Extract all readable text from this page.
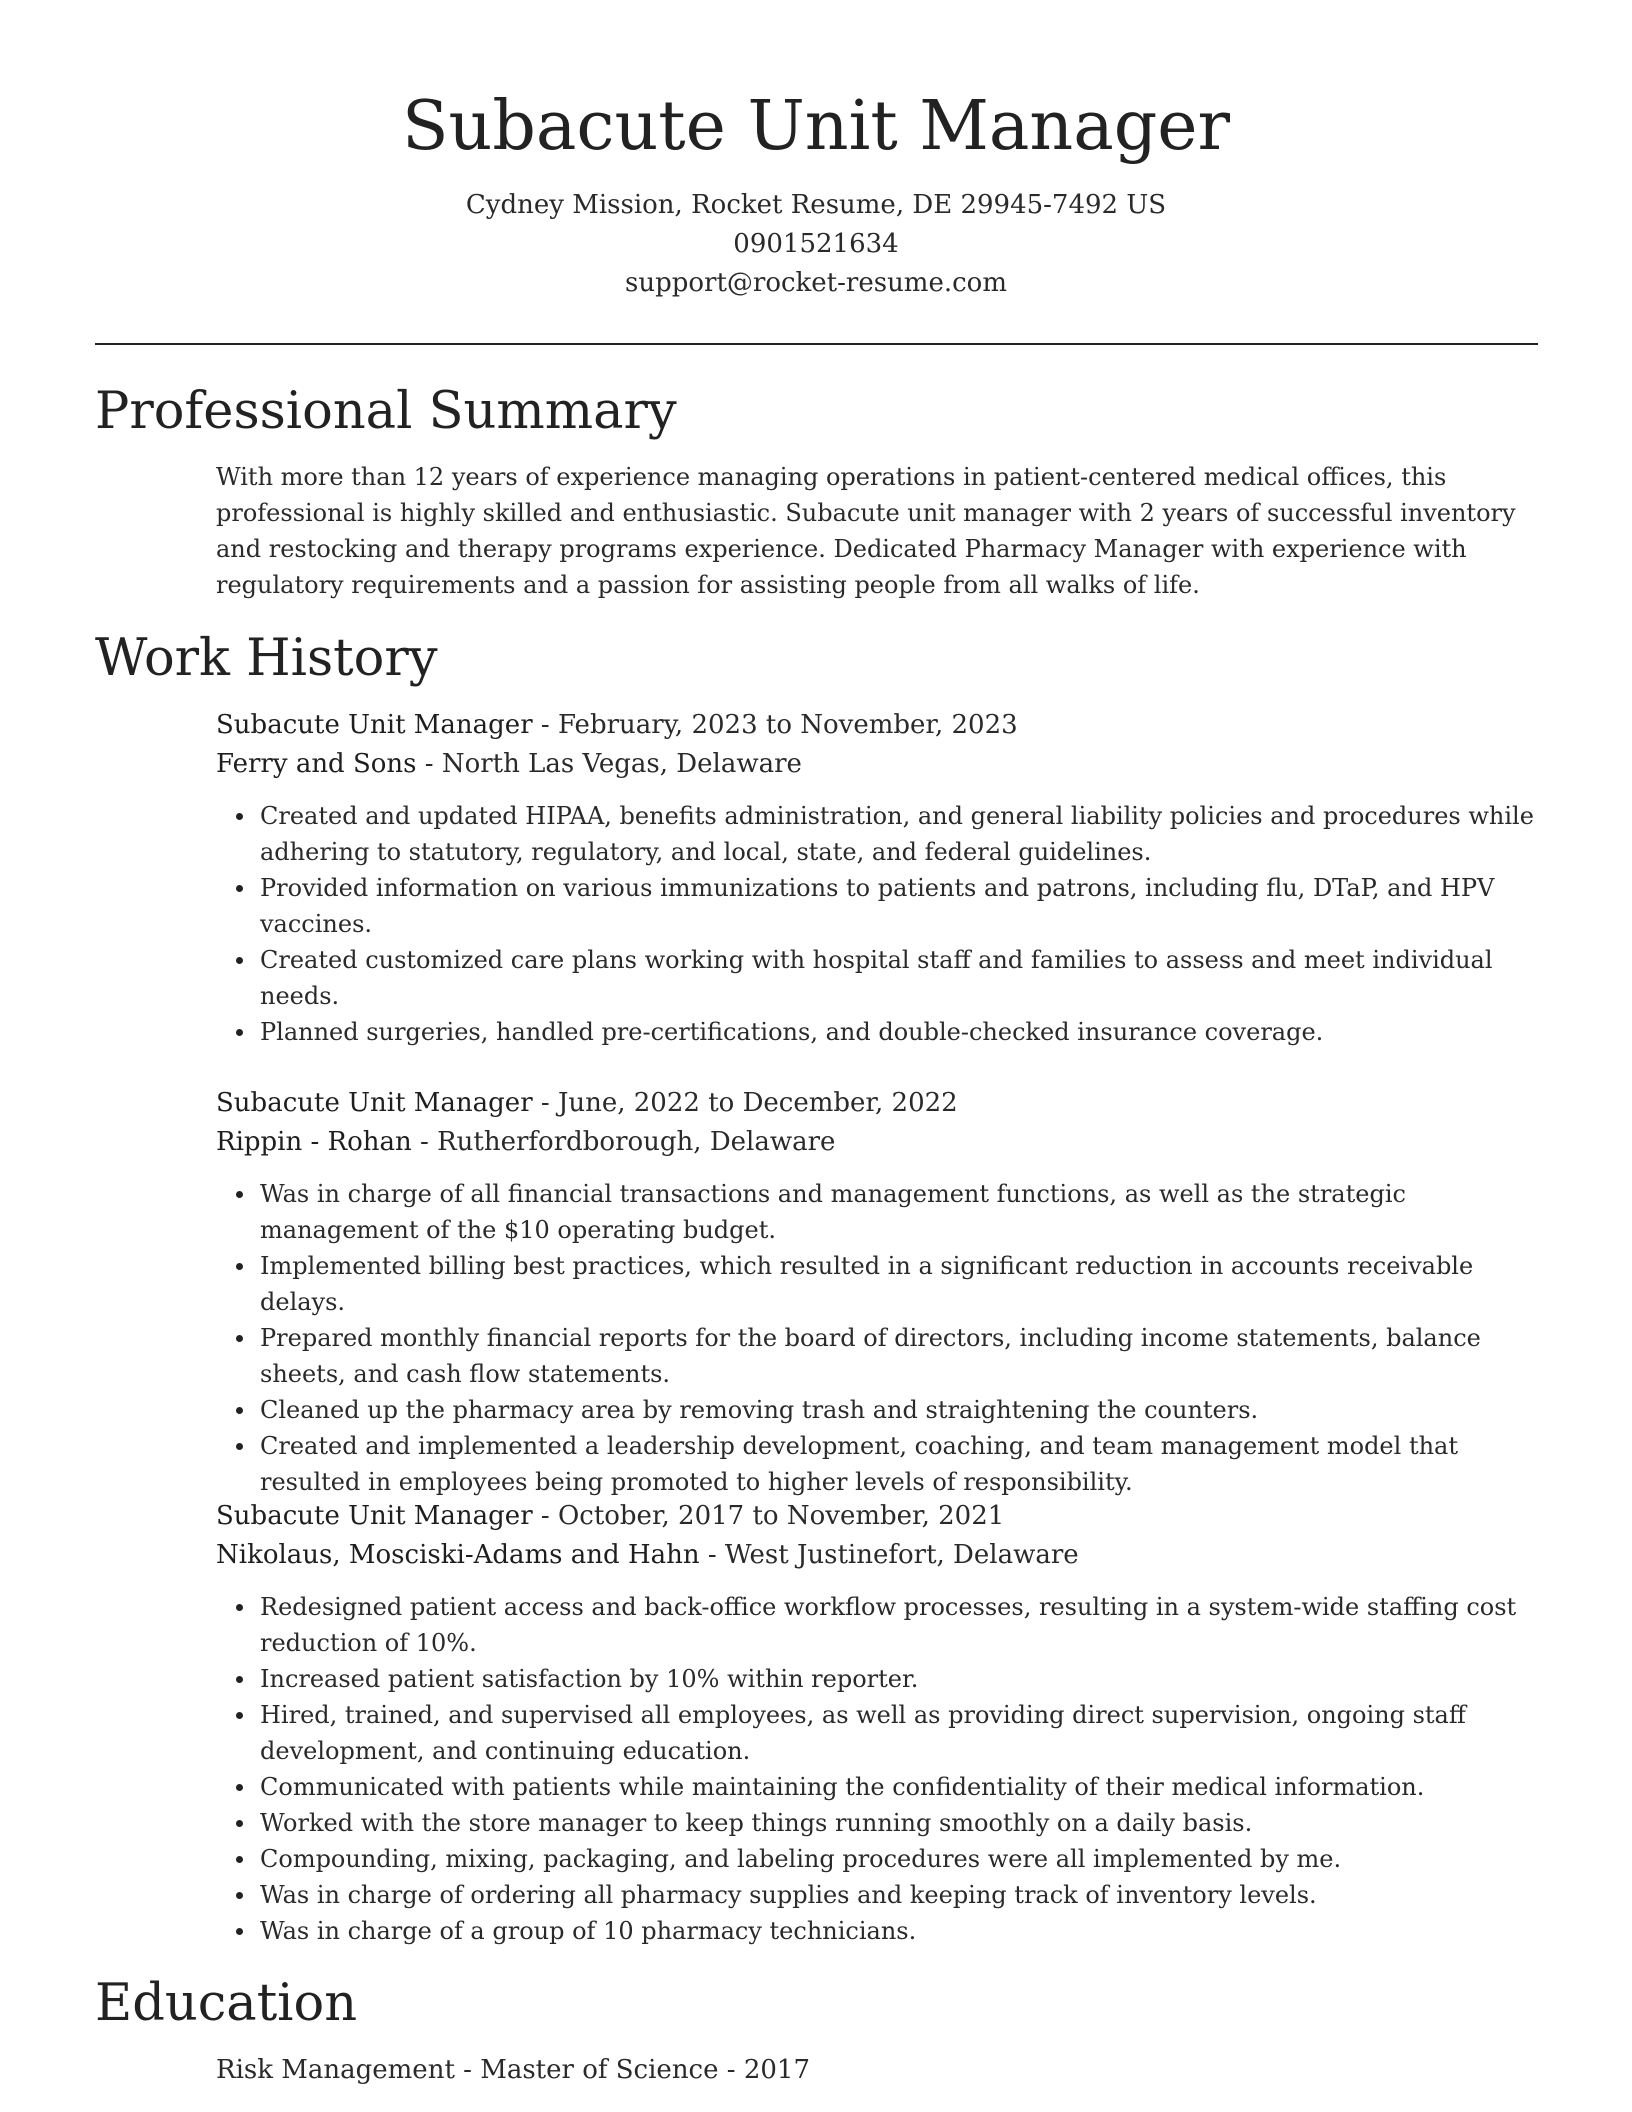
Subacute Unit Manager
Cydney Mission, Rocket Resume, DE 29945-7492 US
0901521634
support@rocket-resume.com
Professional Summary

With more than 12 years of experience managing operations in patient-centered medical offices, this professional is highly skilled and enthusiastic. Subacute unit manager with 2 years of successful inventory and restocking and therapy programs experience. Dedicated Pharmacy Manager with experience with regulatory requirements and a passion for assisting people from all walks of life.

Work History
Subacute Unit Manager - February, 2023 to November, 2023
Ferry and Sons - North Las Vegas, Delaware
Created and updated HIPAA, benefits administration, and general liability policies and procedures while adhering to statutory, regulatory, and local, state, and federal guidelines.
Provided information on various immunizations to patients and patrons, including flu, DTaP, and HPV vaccines.
Created customized care plans working with hospital staff and families to assess and meet individual needs.
Planned surgeries, handled pre-certifications, and double-checked insurance coverage.
Subacute Unit Manager - June, 2022 to December, 2022
Rippin - Rohan - Rutherfordborough, Delaware
Was in charge of all financial transactions and management functions, as well as the strategic management of the $10 operating budget.
Implemented billing best practices, which resulted in a significant reduction in accounts receivable delays.
Prepared monthly financial reports for the board of directors, including income statements, balance sheets, and cash flow statements.
Cleaned up the pharmacy area by removing trash and straightening the counters.
Created and implemented a leadership development, coaching, and team management model that resulted in employees being promoted to higher levels of responsibility.
Subacute Unit Manager - October, 2017 to November, 2021
Nikolaus, Mosciski-Adams and Hahn - West Justinefort, Delaware
Redesigned patient access and back-office workflow processes, resulting in a system-wide staffing cost reduction of 10%.
Increased patient satisfaction by 10% within reporter.
Hired, trained, and supervised all employees, as well as providing direct supervision, ongoing staff development, and continuing education.
Communicated with patients while maintaining the confidentiality of their medical information.
Worked with the store manager to keep things running smoothly on a daily basis.
Compounding, mixing, packaging, and labeling procedures were all implemented by me.
Was in charge of ordering all pharmacy supplies and keeping track of inventory levels.
Was in charge of a group of 10 pharmacy technicians.
Education
Risk Management - Master of Science - 2017
